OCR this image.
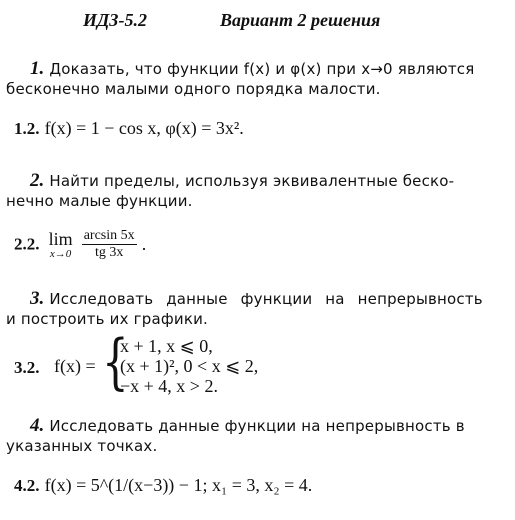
ИДЗ-5.2	Вариант 2 решения
1. Доказать, что функции f(x) и φ(x) при x→0 являются
бесконечно малыми одного порядка малости.
1.2. f(x) = 1 − cos x, φ(x) = 3x².
2. Найти пределы, используя эквивалентные беско-
нечно малые функции.
2.2. lim
x→0
$\frac{\arcsin 5x}{tg 3x}$ .
3. Исследовать данные функции на непрерывность
и построить их графики.
3.2. f(x) = {
x + 1, x ⩽ 0,
(x + 1)², 0 < x ⩽ 2,
−x + 4, x > 2.
4. Исследовать данные функции на непрерывность в
указанных точках.
4.2. f(x) = 5^(1/(x−3)) − 1; x₁ = 3, x₂ = 4.
